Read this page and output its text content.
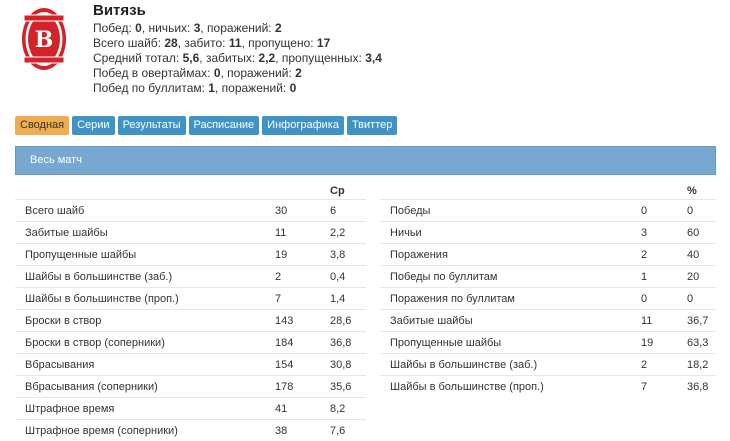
В
Витязь
Побед: 0, ничьих: 3, поражений: 2
Всего шайб: 28, забито: 11, пропущено: 17
Средний тотал: 5,6, забитых: 2,2, пропущенных: 3,4
Побед в овертаймах: 0, поражений: 2
Побед по буллитам: 1, поражений: 0
Сводная	Серии	Результаты	Расписание	Инфографика	Твиттер
Весь матч
		Ср
Всего шайб	30	6
Забитые шайбы	11	2,2
Пропущенные шайбы	19	3,8
Шайбы в большинстве (заб.)	2	0,4
Шайбы в большинстве (проп.)	7	1,4
Броски в створ	143	28,6
Броски в створ (соперники)	184	36,8
Вбрасывания	154	30,8
Вбрасывания (соперники)	178	35,6
Штрафное время	41	8,2
Штрафное время (соперники)	38	7,6
		%
Победы	0	0
Ничьи	3	60
Поражения	2	40
Победы по буллитам	1	20
Поражения по буллитам	0	0
Забитые шайбы	11	36,7
Пропущенные шайбы	19	63,3
Шайбы в большинстве (заб.)	2	18,2
Шайбы в большинстве (проп.)	7	36,8
